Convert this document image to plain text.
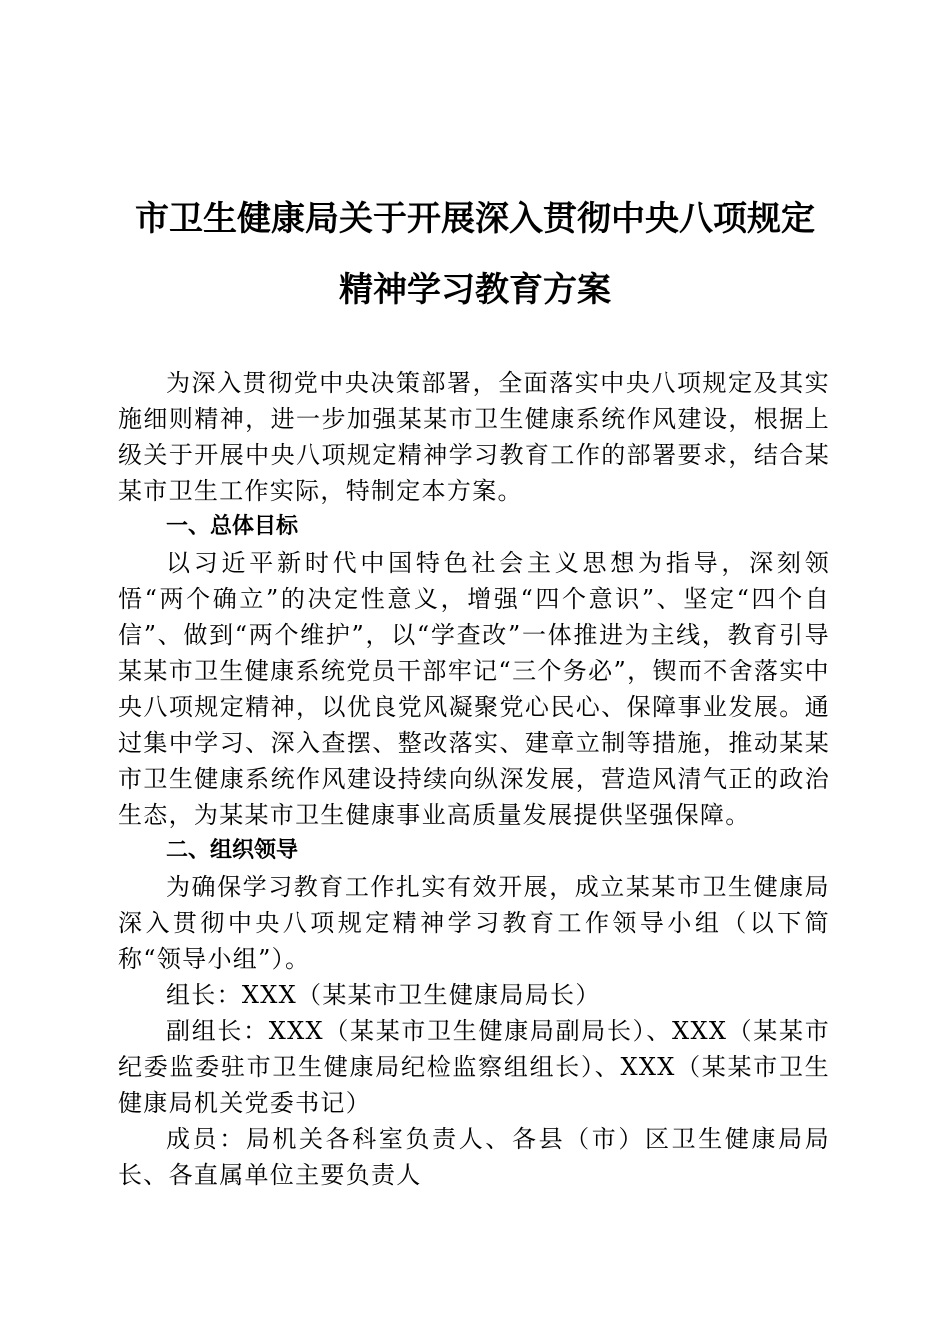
市卫生健康局关于开展深入贯彻中央八项规定
精神学习教育方案

为深入贯彻党中央决策部署，全面落实中央八项规定及其实施细则精神，进一步加强某某市卫生健康系统作风建设，根据上级关于开展中央八项规定精神学习教育工作的部署要求，结合某某市卫生工作实际，特制定本方案。

一、总体目标

以习近平新时代中国特色社会主义思想为指导，深刻领悟“两个确立”的决定性意义，增强“四个意识”、坚定“四个自信”、做到“两个维护”，以“学查改”一体推进为主线，教育引导某某市卫生健康系统党员干部牢记“三个务必”，锲而不舍落实中央八项规定精神，以优良党风凝聚党心民心、保障事业发展。通过集中学习、深入查摆、整改落实、建章立制等措施，推动某某市卫生健康系统作风建设持续向纵深发展，营造风清气正的政治生态，为某某市卫生健康事业高质量发展提供坚强保障。

二、组织领导

为确保学习教育工作扎实有效开展，成立某某市卫生健康局深入贯彻中央八项规定精神学习教育工作领导小组（以下简称“领导小组”）。

组长：XXX（某某市卫生健康局局长）

副组长：XXX（某某市卫生健康局副局长）、XXX（某某市纪委监委驻市卫生健康局纪检监察组组长）、XXX（某某市卫生健康局机关党委书记）

成员：局机关各科室负责人、各县（市）区卫生健康局局长、各直属单位主要负责人
